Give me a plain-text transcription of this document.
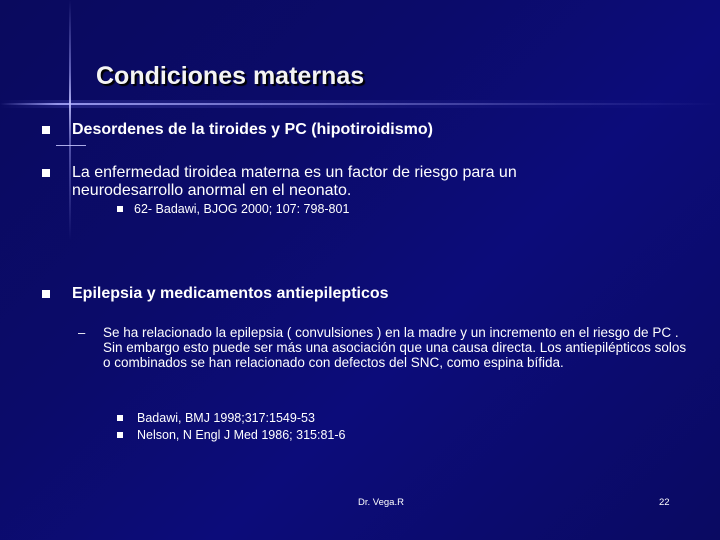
Condiciones maternas
Desordenes de la tiroides y PC (hipotiroidismo)
La enfermedad tiroidea materna es un factor de riesgo para un neurodesarrollo anormal en el neonato.
62- Badawi, BJOG 2000; 107: 798-801
Epilepsia y medicamentos antiepilepticos
– Se ha relacionado la epilepsia ( convulsiones ) en la madre y un incremento en el riesgo de PC . Sin embargo esto puede ser más una asociación que una causa directa. Los antiepilépticos solos o combinados se han relacionado con defectos del SNC, como espina bífida.
Badawi, BMJ 1998;317:1549-53
Nelson, N Engl J Med 1986; 315:81-6
Dr. Vega.R	22
